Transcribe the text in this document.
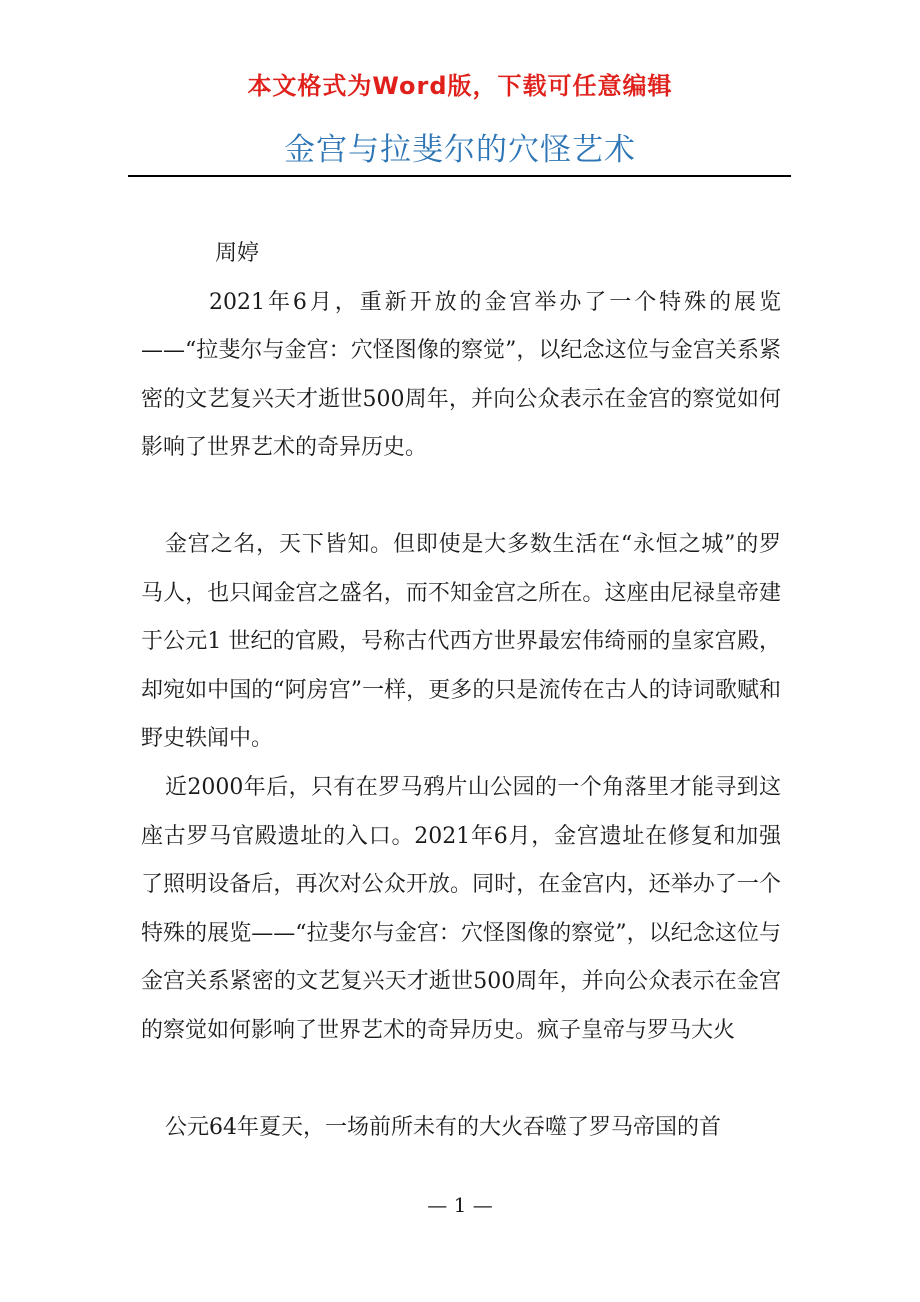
本文格式为Word版，下载可任意编辑
金宫与拉斐尔的穴怪艺术

周婷

2021年6月，重新开放的金宫举办了一个特殊的展览——“拉斐尔与金宫：穴怪图像的察觉”，以纪念这位与金宫关系紧密的文艺复兴天才逝世500周年，并向公众表示在金宫的察觉如何影响了世界艺术的奇异历史。

金宫之名，天下皆知。但即使是大多数生活在“永恒之城”的罗马人，也只闻金宫之盛名，而不知金宫之所在。这座由尼禄皇帝建于公元1 世纪的官殿，号称古代西方世界最宏伟绮丽的皇家宫殿，却宛如中国的“阿房宫”一样，更多的只是流传在古人的诗词歌赋和野史轶闻中。

近2000年后，只有在罗马鸦片山公园的一个角落里才能寻到这座古罗马官殿遗址的入口。2021年6月，金宫遗址在修复和加强了照明设备后，再次对公众开放。同时，在金宫内，还举办了一个特殊的展览——“拉斐尔与金宫：穴怪图像的察觉”，以纪念这位与金宫关系紧密的文艺复兴天才逝世500周年，并向公众表示在金宫的察觉如何影响了世界艺术的奇异历史。疯子皇帝与罗马大火

公元64年夏天，一场前所未有的大火吞噬了罗马帝国的首

— 1 —
